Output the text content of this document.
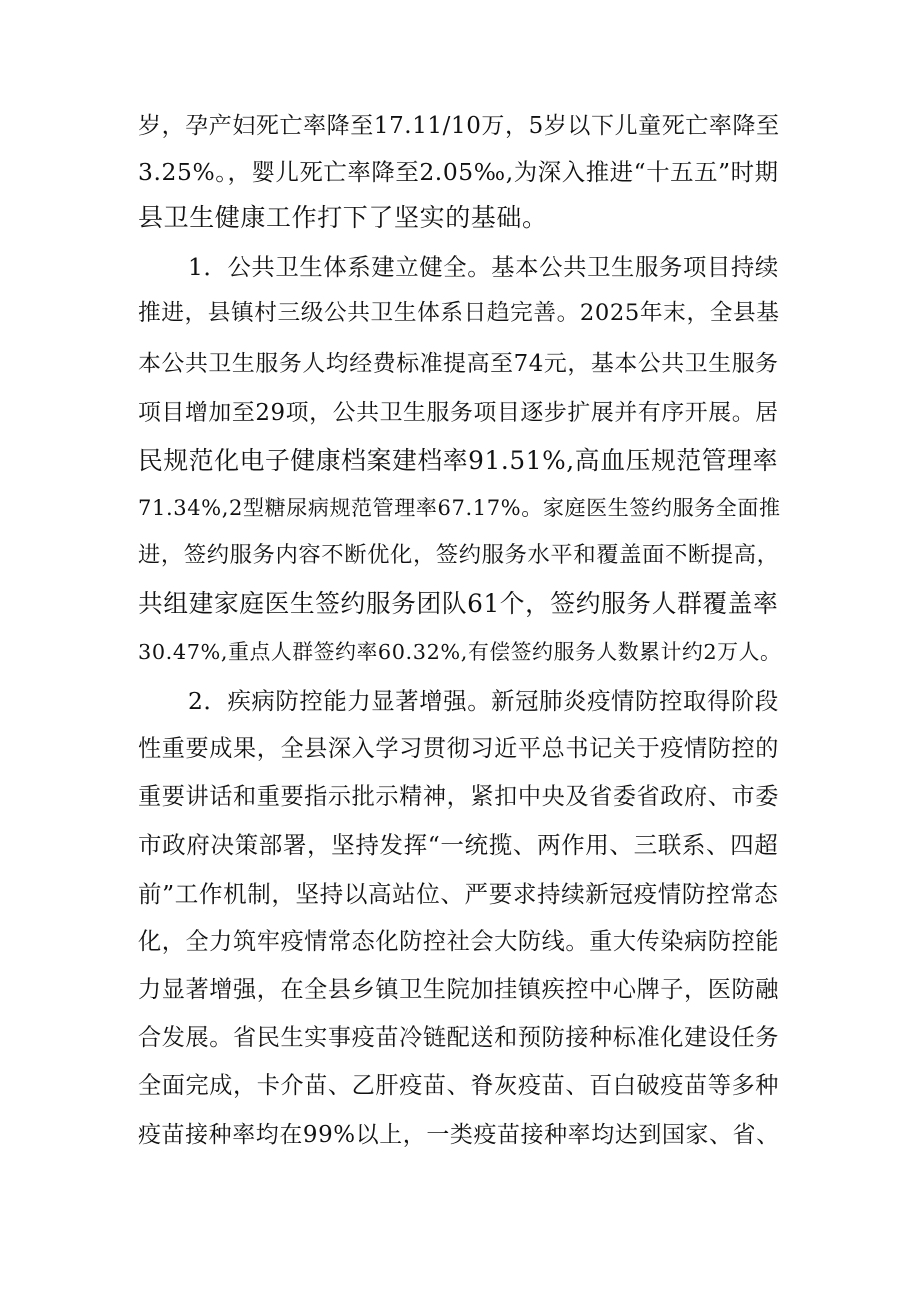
岁，孕产妇死亡率降至17.11/10万，5岁以下儿童死亡率降至
3.25%。，婴儿死亡率降至2.05‰,为深入推进“十五五”时期
县卫生健康工作打下了坚实的基础。
1．公共卫生体系建立健全。基本公共卫生服务项目持续
推进，县镇村三级公共卫生体系日趋完善。2025年末，全县基
本公共卫生服务人均经费标准提高至74元，基本公共卫生服务
项目增加至29项，公共卫生服务项目逐步扩展并有序开展。居
民规范化电子健康档案建档率91.51%,高血压规范管理率
71.34%,2型糖尿病规范管理率67.17%。家庭医生签约服务全面推
进，签约服务内容不断优化，签约服务水平和覆盖面不断提高，
共组建家庭医生签约服务团队61个，签约服务人群覆盖率
30.47%,重点人群签约率60.32%,有偿签约服务人数累计约2万人。
2．疾病防控能力显著增强。新冠肺炎疫情防控取得阶段
性重要成果，全县深入学习贯彻习近平总书记关于疫情防控的
重要讲话和重要指示批示精神，紧扣中央及省委省政府、市委
市政府决策部署，坚持发挥“一统揽、两作用、三联系、四超
前”工作机制，坚持以高站位、严要求持续新冠疫情防控常态
化，全力筑牢疫情常态化防控社会大防线。重大传染病防控能
力显著增强，在全县乡镇卫生院加挂镇疾控中心牌子，医防融
合发展。省民生实事疫苗冷链配送和预防接种标准化建设任务
全面完成，卡介苗、乙肝疫苗、脊灰疫苗、百白破疫苗等多种
疫苗接种率均在99%以上，一类疫苗接种率均达到国家、省、
